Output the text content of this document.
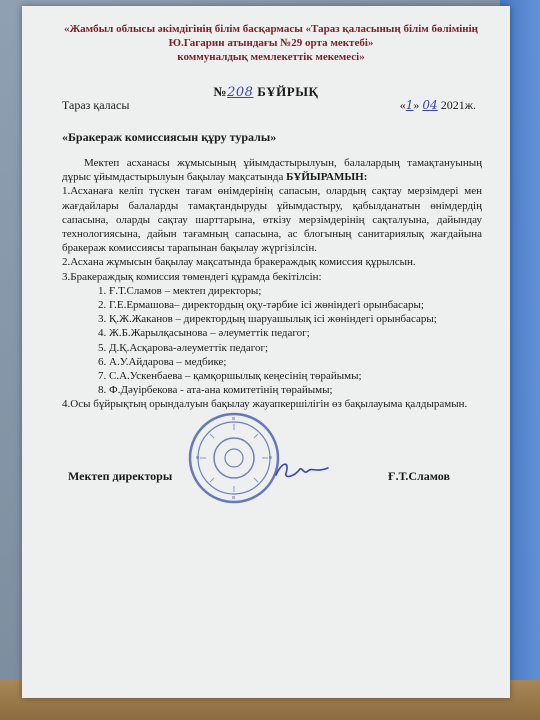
«Жамбыл облысы әкімдігінің білім басқармасы «Тараз қаласының білім бөлімінің
Ю.Гагарин атындағы №29 орта мектебі»
коммуналдық мемлекеттік мекемесі»
№208 БҰЙРЫҚ
Тараз қаласы	«1» 04 2021ж.
«Бракераж комиссиясын құру туралы»

Мектеп асханасы жұмысының ұйымдастырылуын, балалардың тамақтануының дұрыс ұйымдастырылуын бақылау мақсатында БҰЙЫРАМЫН:

1.Асханаға келіп түскен тағам өнімдерінің сапасын, олардың сақтау мерзімдері мен жағдайлары балаларды тамақтандыруды ұйымдастыру, қабылданатын өнімдердің сапасына, оларды сақтау шарттарына, өткізу мерзімдерінің сақталуына, дайындау технологиясына, дайын тағамның сапасына, ас блогының санитариялық жағдайына бракераж комиссиясы тарапынан бақылау жүргізілсін.

2.Асхана жұмысын бақылау мақсатында бракераждық комиссия құрылсын.

3.Бракераждық комиссия төмендегі құрамда бекітілсін:

1. Ғ.Т.Сламов – мектеп директоры;
2. Г.Е.Ермашова– директордың оқу-тәрбие ісі жөніндегі орынбасары;
3. Қ.Ж.Жаканов – директордың шаруашылық ісі жөніндегі орынбасары;
4. Ж.Б.Жарылқасынова – әлеуметтік педагог;
5. Д.Қ.Асқарова-әлеуметтік педагог;
6. А.У.Айдарова – медбике;
7. С.А.Ускенбаева – қамқоршылық кеңесінің төрайымы;
8. Ф.Дәуірбекова - ата-ана комитетінің төрайымы;

4.Осы бұйрықтың орындалуын бақылау жауапкершілігін өз бақылауыма қалдырамын.

Мектеп директоры	Ғ.Т.Сламов
